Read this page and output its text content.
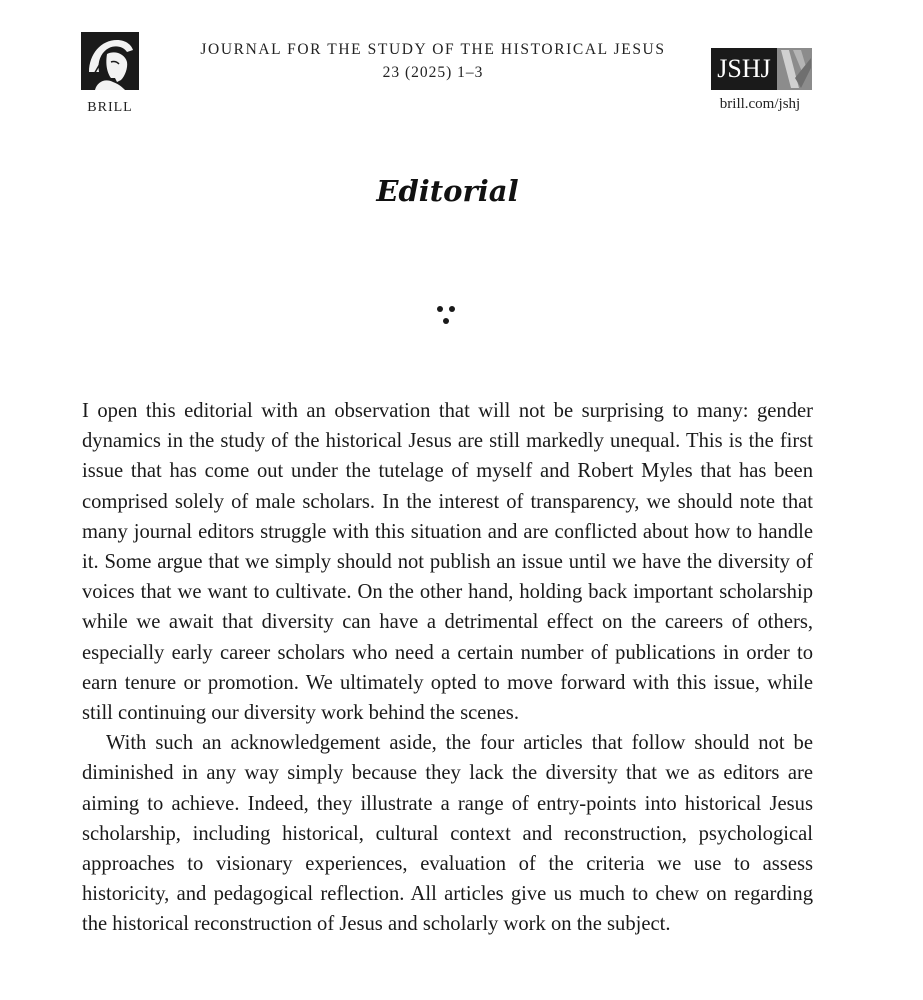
BRILL
JOURNAL FOR THE STUDY OF THE HISTORICAL JESUS
23 (2025) 1–3	JSHJ
brill.com/jshj
Editorial

I open this editorial with an observation that will not be surprising to many: gender dynamics in the study of the historical Jesus are still markedly unequal. This is the first issue that has come out under the tutelage of myself and Robert Myles that has been comprised solely of male scholars. In the interest of transparency, we should note that many journal editors struggle with this situation and are conflicted about how to handle it. Some argue that we simply should not publish an issue until we have the diversity of voices that we want to cultivate. On the other hand, holding back important scholarship while we await that diversity can have a detrimental effect on the careers of others, especially early career scholars who need a certain number of publications in order to earn tenure or promotion. We ultimately opted to move forward with this issue, while still continuing our diversity work behind the scenes.

With such an acknowledgement aside, the four articles that follow should not be diminished in any way simply because they lack the diversity that we as editors are aiming to achieve. Indeed, they illustrate a range of entry-points into historical Jesus scholarship, including historical, cultural context and reconstruction, psychological approaches to visionary experiences, evaluation of the criteria we use to assess historicity, and pedagogical reflection. All articles give us much to chew on regarding the historical reconstruction of Jesus and scholarly work on the subject.
